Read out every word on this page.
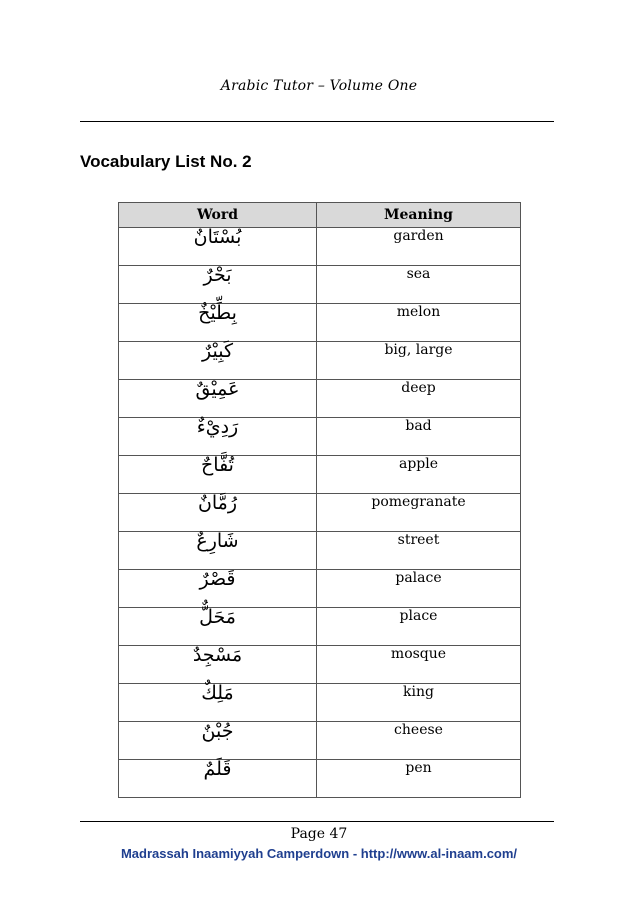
Arabic Tutor – Volume One
Vocabulary List No. 2
Word	Meaning
بُسْتَانٌ	garden
بَحْرٌ	sea
بِطِّيْخٌ	melon
كَبِيْرٌ	big, large
عَمِيْقٌ	deep
رَدِيْءٌ	bad
تُفَّاحٌ	apple
رُمَّانٌ	pomegranate
شَارِعٌ	street
قَصْرٌ	palace
مَحَلٌّ	place
مَسْجِدٌ	mosque
مَلِكٌ	king
جُبْنٌ	cheese
قَلَمٌ	pen
Page 47
Madrassah Inaamiyyah Camperdown - http://www.al-inaam.com/
